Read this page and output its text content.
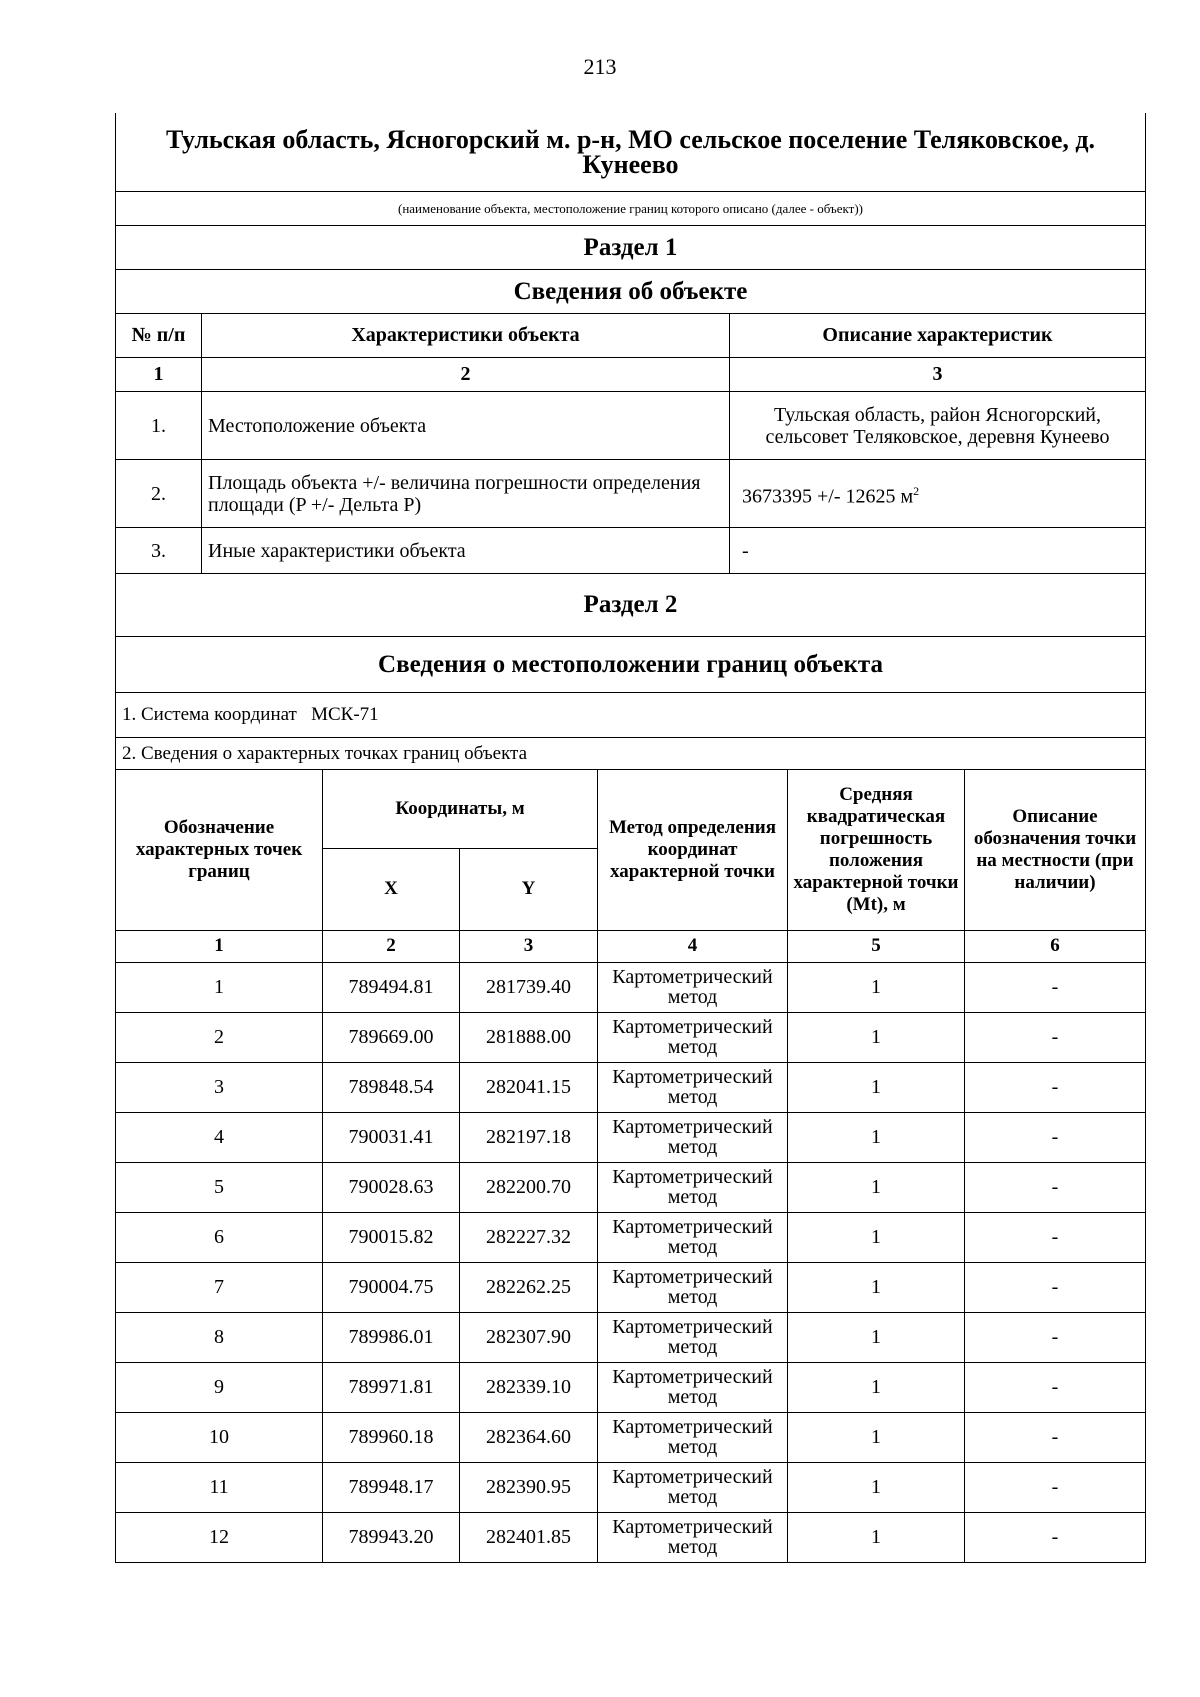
213
Тульская область, Ясногорский м. р-н, МО сельское поселение Теляковское, д. Кунеево		
(наименование объекта, местоположение границ которого описано (далее - объект))		
Раздел 1		
Сведения об объекте		
№ п/п	Характеристики объекта	Описание характеристик
1	2	3
1.	Местоположение объекта	Тульская область, район Ясногорский, сельсовет Теляковское, деревня Кунеево
2.	Площадь объекта +/- величина погрешности определения площади (P +/- Дельта P)	3673395 +/- 12625 $м^2$
3.	Иные характеристики объекта	-
Раздел 2		
Сведения о местоположении границ объекта		
1. Система координат МСК-71		
2. Сведения о характерных точках границ объекта		
Обозначение характерных точек границ	Координаты, м		Метод определения координат характерной точки	Средняя квадратическая погрешность положения характерной точки (Mt), м	Описание обозначения точки на местности (при наличии)
	X	Y			
1	2	3	4	5	6
1	789494.81	281739.40	Картометрический метод	1	-
2	789669.00	281888.00	Картометрический метод	1	-
3	789848.54	282041.15	Картометрический метод	1	-
4	790031.41	282197.18	Картометрический метод	1	-
5	790028.63	282200.70	Картометрический метод	1	-
6	790015.82	282227.32	Картометрический метод	1	-
7	790004.75	282262.25	Картометрический метод	1	-
8	789986.01	282307.90	Картометрический метод	1	-
9	789971.81	282339.10	Картометрический метод	1	-
10	789960.18	282364.60	Картометрический метод	1	-
11	789948.17	282390.95	Картометрический метод	1	-
12	789943.20	282401.85	Картометрический метод	1	-
